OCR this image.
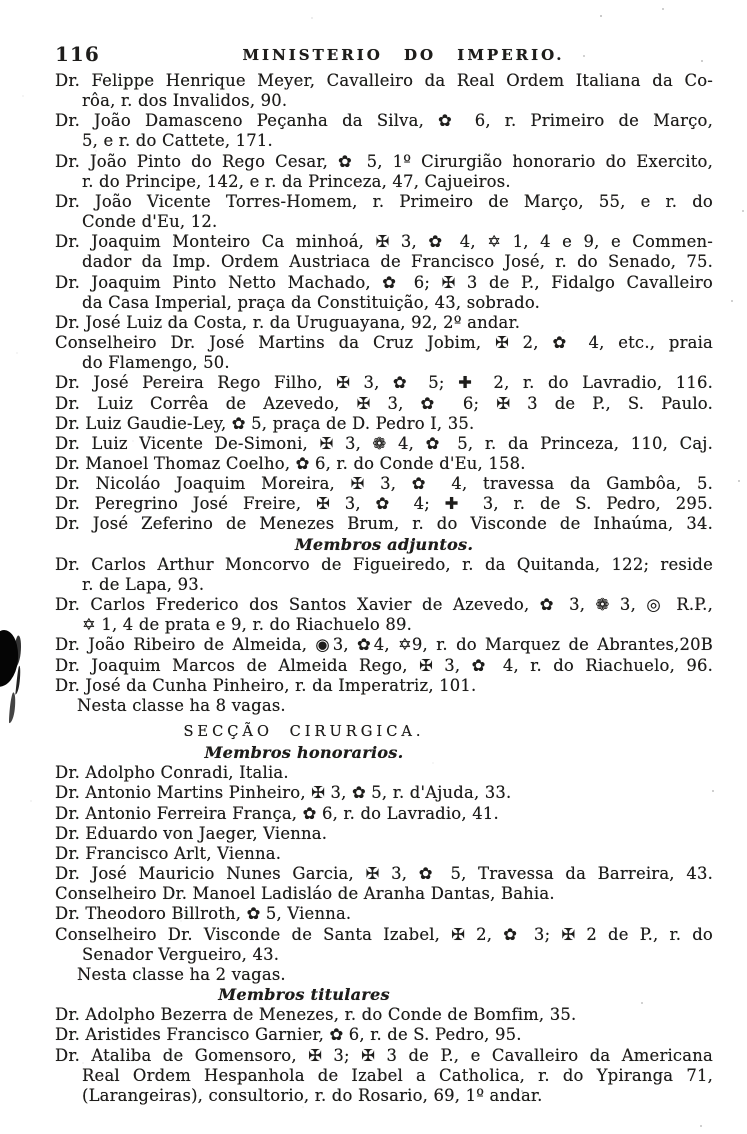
116	MINISTERIO DO IMPERIO.
Dr. Felippe Henrique Meyer, Cavalleiro da Real Ordem Italiana da Co-
rôa, r. dos Invalidos, 90.
Dr. João Damasceno Peçanha da Silva, ✿ 6, r. Primeiro de Março,
5, e r. do Cattete, 171.
Dr. João Pinto do Rego Cesar, ✿ 5, 1º Cirurgião honorario do Exercito,
r. do Principe, 142, e r. da Princeza, 47, Cajueiros.
Dr. João Vicente Torres-Homem, r. Primeiro de Março, 55, e r. do
Conde d'Eu, 12.
Dr. Joaquim Monteiro Ca minhoá, ✠ 3, ✿ 4, ✡ 1, 4 e 9, e Commen-
dador da Imp. Ordem Austriaca de Francisco José, r. do Senado, 75.
Dr. Joaquim Pinto Netto Machado, ✿ 6; ✠ 3 de P., Fidalgo Cavalleiro
da Casa Imperial, praça da Constituição, 43, sobrado.
Dr. José Luiz da Costa, r. da Uruguayana, 92, 2º andar.
Conselheiro Dr. José Martins da Cruz Jobim, ✠ 2, ✿ 4, etc., praia
do Flamengo, 50.
Dr. José Pereira Rego Filho, ✠ 3, ✿ 5; ✚ 2, r. do Lavradio, 116.
Dr. Luiz Corrêa de Azevedo, ✠ 3, ✿ 6; ✠ 3 de P., S. Paulo.
Dr. Luiz Gaudie-Ley, ✿ 5, praça de D. Pedro I, 35.
Dr. Luiz Vicente De-Simoni, ✠ 3, ❁ 4, ✿ 5, r. da Princeza, 110, Caj.
Dr. Manoel Thomaz Coelho, ✿ 6, r. do Conde d'Eu, 158.
Dr. Nicoláo Joaquim Moreira, ✠ 3, ✿ 4, travessa da Gambôa, 5.
Dr. Peregrino José Freire, ✠ 3, ✿ 4; ✚ 3, r. de S. Pedro, 295.
Dr. José Zeferino de Menezes Brum, r. do Visconde de Inhaúma, 34.
Membros adjuntos.
Dr. Carlos Arthur Moncorvo de Figueiredo, r. da Quitanda, 122; reside
r. de Lapa, 93.
Dr. Carlos Frederico dos Santos Xavier de Azevedo, ✿ 3, ❁ 3, ◎ R.P.,
✡ 1, 4 de prata e 9, r. do Riachuelo 89.
Dr. João Ribeiro de Almeida, ◉3, ✿4, ✡9, r. do Marquez de Abrantes,20B
Dr. Joaquim Marcos de Almeida Rego, ✠ 3, ✿ 4, r. do Riachuelo, 96.
Dr. José da Cunha Pinheiro, r. da Imperatriz, 101.
Nesta classe ha 8 vagas.
SECÇÃO CIRURGICA.
Membros honorarios.
Dr. Adolpho Conradi, Italia.
Dr. Antonio Martins Pinheiro, ✠ 3, ✿ 5, r. d'Ajuda, 33.
Dr. Antonio Ferreira França, ✿ 6, r. do Lavradio, 41.
Dr. Eduardo von Jaeger, Vienna.
Dr. Francisco Arlt, Vienna.
Dr. José Mauricio Nunes Garcia, ✠ 3, ✿ 5, Travessa da Barreira, 43.
Conselheiro Dr. Manoel Ladisláo de Aranha Dantas, Bahia.
Dr. Theodoro Billroth, ✿ 5, Vienna.
Conselheiro Dr. Visconde de Santa Izabel, ✠ 2, ✿ 3; ✠ 2 de P., r. do
Senador Vergueiro, 43.
Nesta classe ha 2 vagas.
Membros titulares
Dr. Adolpho Bezerra de Menezes, r. do Conde de Bomfim, 35.
Dr. Aristides Francisco Garnier, ✿ 6, r. de S. Pedro, 95.
Dr. Ataliba de Gomensoro, ✠ 3; ✠ 3 de P., e Cavalleiro da Americana
Real Ordem Hespanhola de Izabel a Catholica, r. do Ypiranga 71,
(Larangeiras), consultorio, r. do Rosario, 69, 1º andar.
